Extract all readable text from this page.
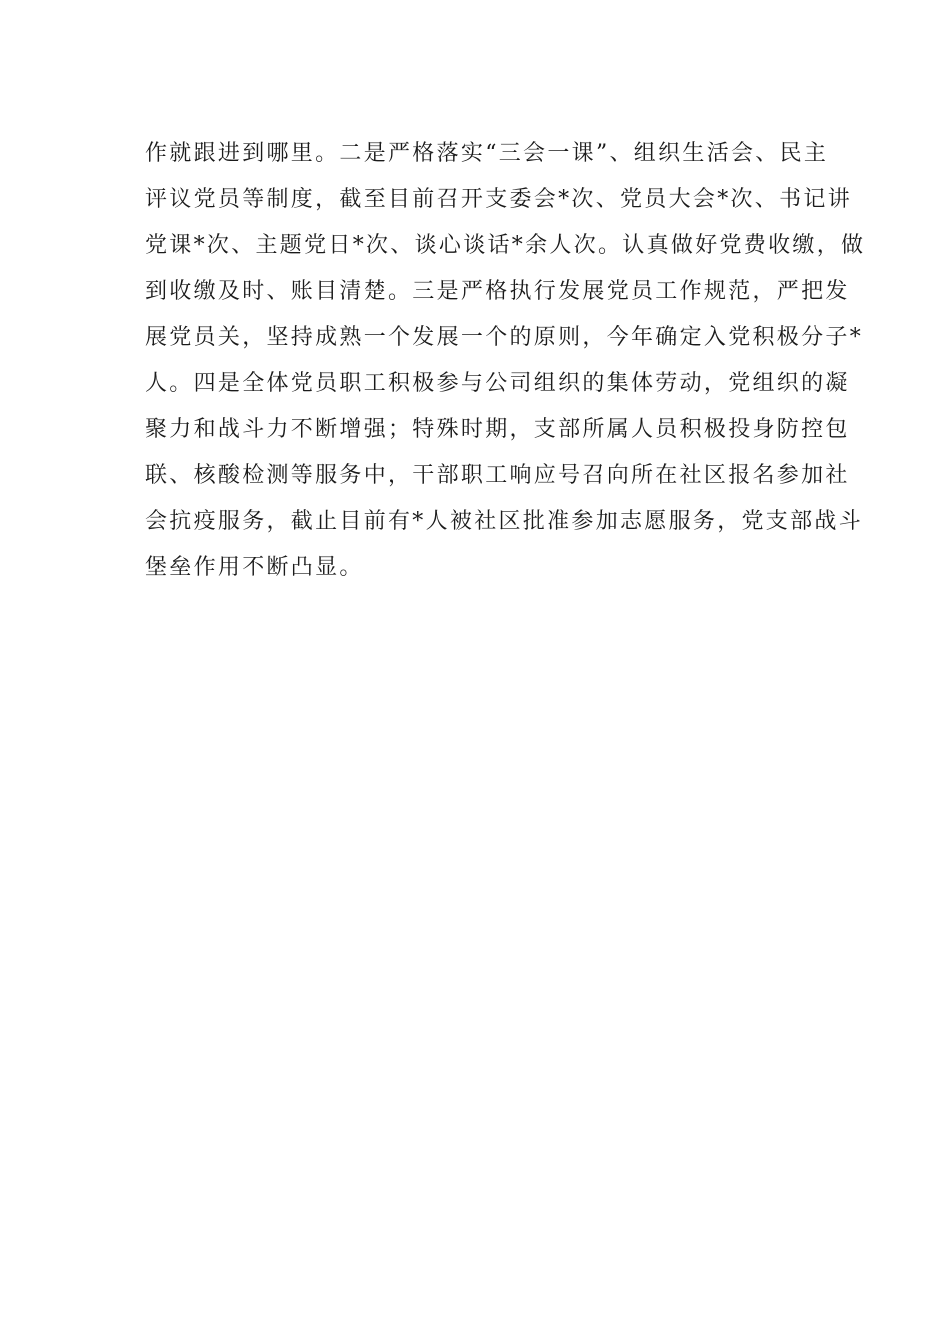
作就跟进到哪里。二是严格落实“三会一课”、组织生活会、民主
评议党员等制度，截至目前召开支委会*次、党员大会*次、书记讲
党课*次、主题党日*次、谈心谈话*余人次。认真做好党费收缴，做
到收缴及时、账目清楚。三是严格执行发展党员工作规范，严把发
展党员关，坚持成熟一个发展一个的原则，今年确定入党积极分子*
人。四是全体党员职工积极参与公司组织的集体劳动，党组织的凝
聚力和战斗力不断增强；特殊时期，支部所属人员积极投身防控包
联、核酸检测等服务中，干部职工响应号召向所在社区报名参加社
会抗疫服务，截止目前有*人被社区批准参加志愿服务，党支部战斗
堡垒作用不断凸显。
